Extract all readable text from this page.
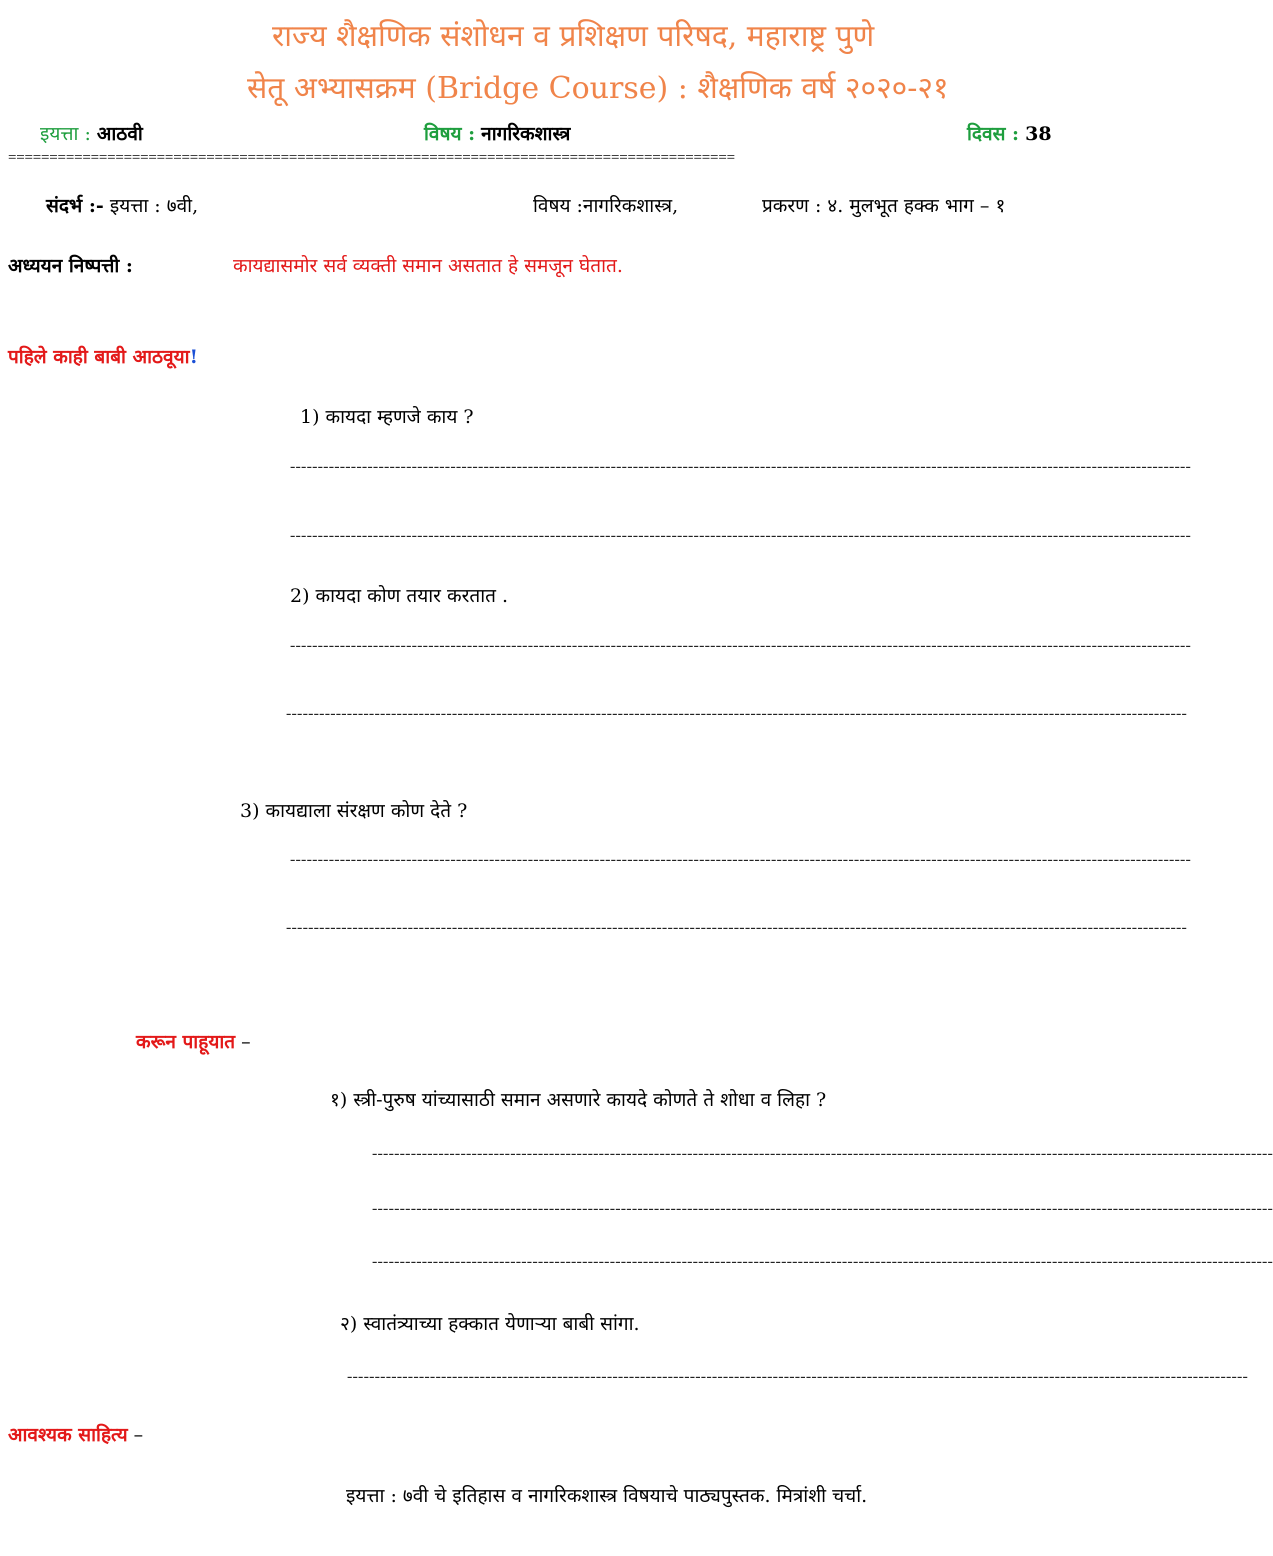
राज्य शैक्षणिक संशोधन व प्रशिक्षण परिषद, महाराष्ट्र पुणे
सेतू अभ्यासक्रम (Bridge Course) : शैक्षणिक वर्ष २०२०-२१
इयत्ता : आठवी	विषय : नागरिकशास्त्र	दिवस : 38
========================================================================================
संदर्भ :- इयत्ता : ७वी,	विषय :नागरिकशास्त्र,	प्रकरण : ४. मुलभूत हक्क भाग – १
अध्ययन निष्पत्ती :	कायद्यासमोर सर्व व्यक्ती समान असतात हे समजून घेतात.
पहिले काही बाबी आठवूया!
1) कायदा म्हणजे काय ?
-------------------------------------------------------------------------------------------------------------------------------------------------------------------
-------------------------------------------------------------------------------------------------------------------------------------------------------------------
2) कायदा कोण तयार करतात .
-------------------------------------------------------------------------------------------------------------------------------------------------------------------
-------------------------------------------------------------------------------------------------------------------------------------------------------------------
3) कायद्याला संरक्षण कोण देते ?
-------------------------------------------------------------------------------------------------------------------------------------------------------------------
-------------------------------------------------------------------------------------------------------------------------------------------------------------------
करून पाहूयात –
१) स्त्री-पुरुष यांच्यासाठी समान असणारे कायदे कोणते ते शोधा व लिहा ?
-------------------------------------------------------------------------------------------------------------------------------------------------------------------
-------------------------------------------------------------------------------------------------------------------------------------------------------------------
-------------------------------------------------------------------------------------------------------------------------------------------------------------------
२) स्वातंत्र्याच्या हक्कात येणाऱ्या बाबी सांगा.
-------------------------------------------------------------------------------------------------------------------------------------------------------------------
आवश्यक साहित्य –
इयत्ता : ७वी चे इतिहास व नागरिकशास्त्र विषयाचे पाठ्यपुस्तक. मित्रांशी चर्चा.
